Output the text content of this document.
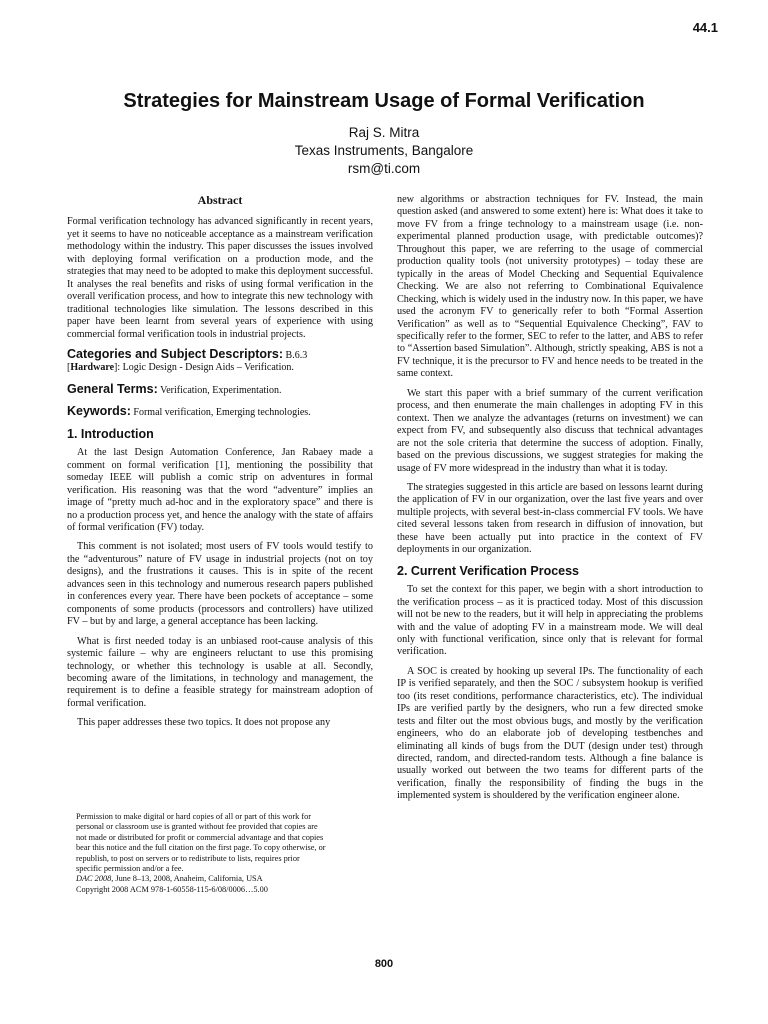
44.1
Strategies for Mainstream Usage of Formal Verification
Raj S. Mitra
Texas Instruments, Bangalore
rsm@ti.com
Abstract

Formal verification technology has advanced significantly in recent years, yet it seems to have no noticeable acceptance as a mainstream verification methodology within the industry. This paper discusses the issues involved with deploying formal verification on a production mode, and the strategies that may need to be adopted to make this deployment successful. It analyses the real benefits and risks of using formal verification in the overall verification process, and how to integrate this new technology with traditional technologies like simulation. The lessons described in this paper have been learnt from several years of experience with using commercial formal verification tools in industrial projects.

Categories and Subject Descriptors: B.6.3
[Hardware]: Logic Design - Design Aids – Verification.
General Terms: Verification, Experimentation.
Keywords: Formal verification, Emerging technologies.
1. Introduction

At the last Design Automation Conference, Jan Rabaey made a comment on formal verification [1], mentioning the possibility that someday IEEE will publish a comic strip on adventures in formal verification. His reasoning was that the word “adventure” implies an image of “pretty much ad-hoc and in the exploratory space” and there is no a production process yet, and hence the analogy with the state of affairs of formal verification (FV) today.

This comment is not isolated; most users of FV tools would testify to the “adventurous” nature of FV usage in industrial projects (not on toy designs), and the frustrations it causes. This is in spite of the recent advances seen in this technology and numerous research papers published in conferences every year. There have been pockets of acceptance – some components of some products (processors and controllers) have utilized FV – but by and large, a general acceptance has been lacking.

What is first needed today is an unbiased root-cause analysis of this systemic failure – why are engineers reluctant to use this promising technology, or whether this technology is usable at all. Secondly, becoming aware of the limitations, in technology and management, the requirement is to define a feasible strategy for mainstream adoption of formal verification.

This paper addresses these two topics. It does not propose any

Permission to make digital or hard copies of all or part of this work for
personal or classroom use is granted without fee provided that copies are
not made or distributed for profit or commercial advantage and that copies
bear this notice and the full citation on the first page. To copy otherwise, or
republish, to post on servers or to redistribute to lists, requires prior
specific permission and/or a fee.
DAC 2008, June 8–13, 2008, Anaheim, California, USA
Copyright 2008 ACM 978-1-60558-115-6/08/0006…5.00

new algorithms or abstraction techniques for FV. Instead, the main question asked (and answered to some extent) here is: What does it take to move FV from a fringe technology to a mainstream usage (i.e. non-experimental planned production usage, with predictable outcomes)? Throughout this paper, we are referring to the usage of commercial production quality tools (not university prototypes) – today these are typically in the areas of Model Checking and Sequential Equivalence Checking. We are also not referring to Combinational Equivalence Checking, which is widely used in the industry now. In this paper, we have used the acronym FV to generically refer to both “Formal Assertion Verification” as well as to “Sequential Equivalence Checking”, FAV to specifically refer to the former, SEC to refer to the latter, and ABS to refer to “Assertion based Simulation”. Although, strictly speaking, ABS is not a FV technique, it is the precursor to FV and hence needs to be treated in the same context.

We start this paper with a brief summary of the current verification process, and then enumerate the main challenges in adopting FV in this context. Then we analyze the advantages (returns on investment) we can expect from FV, and subsequently also discuss that technical advantages are not the sole criteria that determine the success of adoption. Finally, based on the previous discussions, we suggest strategies for making the usage of FV more widespread in the industry than what it is today.

The strategies suggested in this article are based on lessons learnt during the application of FV in our organization, over the last five years and over multiple projects, with several best-in-class commercial FV tools. We have cited several lessons taken from research in diffusion of innovation, but these have been actually put into practice in the context of FV deployments in our organization.

2. Current Verification Process

To set the context for this paper, we begin with a short introduction to the verification process – as it is practiced today. Most of this discussion will not be new to the readers, but it will help in appreciating the problems with and the value of adopting FV in a mainstream mode. We will deal only with functional verification, since only that is relevant for formal verification.

A SOC is created by hooking up several IPs. The functionality of each IP is verified separately, and then the SOC / subsystem hookup is verified too (its reset conditions, performance characteristics, etc). The individual IPs are verified partly by the designers, who run a few directed smoke tests and filter out the most obvious bugs, and mostly by the verification engineers, who do an elaborate job of developing testbenches and eliminating all kinds of bugs from the DUT (design under test) through directed, random, and directed-random tests. Although a fine balance is usually worked out between the two teams for different parts of the verification, finally the responsibility of finding the bugs in the implemented system is shouldered by the verification engineer alone.

800
